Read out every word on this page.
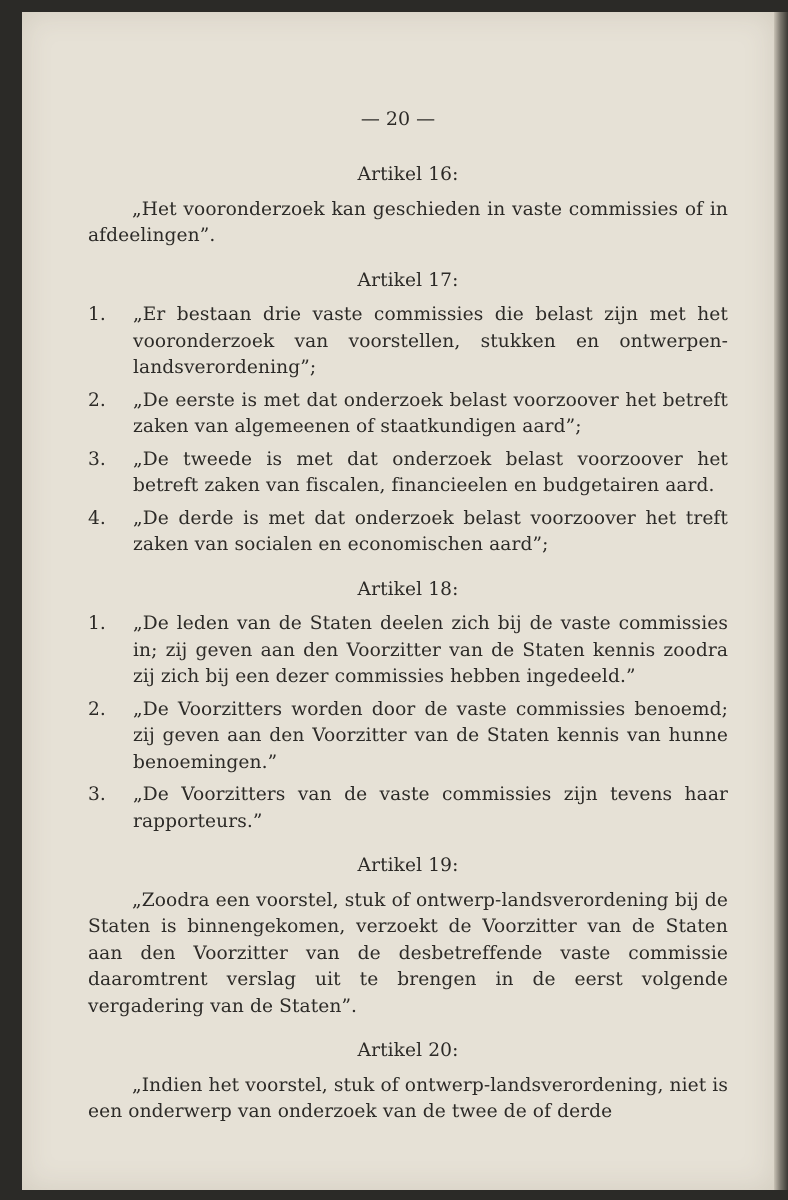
— 20 —

Artikel 16:

„Het vooronderzoek kan geschieden in vaste commissies of in afdeelingen”.

Artikel 17:

1. „Er bestaan drie vaste commissies die belast zijn met het vooronderzoek van voorstellen, stukken en ontwerpen-landsverordening”;
2. „De eerste is met dat onderzoek belast voorzoover het betreft zaken van algemeenen of staatkundigen aard”;
3. „De tweede is met dat onderzoek belast voorzoover het betreft zaken van fiscalen, financieelen en budgetairen aard.
4. „De derde is met dat onderzoek belast voorzoover het treft zaken van socialen en economischen aard”;

Artikel 18:

1. „De leden van de Staten deelen zich bij de vaste commissies in; zij geven aan den Voorzitter van de Staten kennis zoodra zij zich bij een dezer commissies hebben ingedeeld.”
2. „De Voorzitters worden door de vaste commissies benoemd; zij geven aan den Voorzitter van de Staten kennis van hunne benoemingen.”
3. „De Voorzitters van de vaste commissies zijn tevens haar rapporteurs.”

Artikel 19:

„Zoodra een voorstel, stuk of ontwerp-landsverordening bij de Staten is binnengekomen, verzoekt de Voorzitter van de Staten aan den Voorzitter van de desbetreffende vaste commissie daaromtrent verslag uit te brengen in de eerst volgende vergadering van de Staten”.

Artikel 20:

„Indien het voorstel, stuk of ontwerp-landsverordening, niet is een onderwerp van onderzoek van de twee de of derde
